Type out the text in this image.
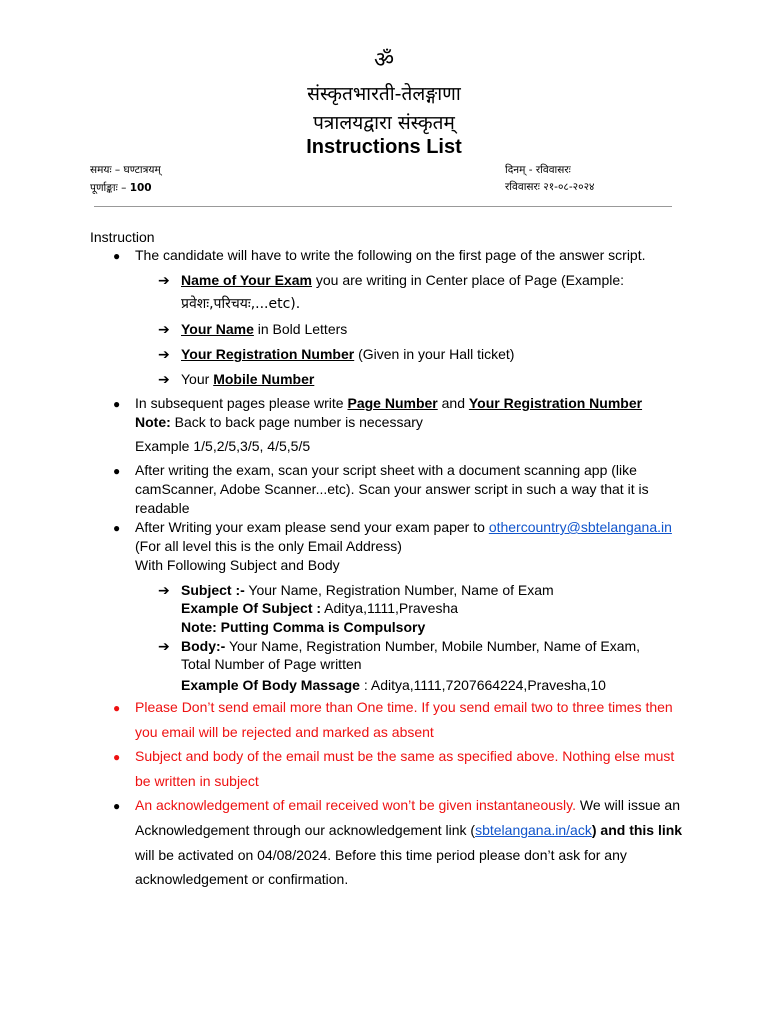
ॐ
संस्कृतभारती-तेलङ्गाणा
पत्रालयद्वारा संस्कृतम्
Instructions List
समयः – घण्टात्रयम्
पूर्णाङ्काः – 100
दिनम् - रविवासरः
रविवासरः २१-०८-२०२४
Instruction
● The candidate will have to write the following on the first page of the answer script.
➔ Name of Your Exam you are writing in Center place of Page (Example:
प्रवेशः,परिचयः,...etc).
➔ Your Name in Bold Letters
➔ Your Registration Number (Given in your Hall ticket)
➔ Your Mobile Number
● In subsequent pages please write Page Number and Your Registration Number
Note: Back to back page number is necessary
Example 1/5,2/5,3/5, 4/5,5/5
● After writing the exam, scan your script sheet with a document scanning app (like
camScanner, Adobe Scanner...etc). Scan your answer script in such a way that it is
readable
● After Writing your exam please send your exam paper to othercountry@sbtelangana.in
(For all level this is the only Email Address)
With Following Subject and Body
➔ Subject :- Your Name, Registration Number, Name of Exam
Example Of Subject : Aditya,1111,Pravesha
Note: Putting Comma is Compulsory
➔ Body:- Your Name, Registration Number, Mobile Number, Name of Exam,
Total Number of Page written
Example Of Body Massage : Aditya,1111,7207664224,Pravesha,10
● Please Don’t send email more than One time. If you send email two to three times then
you email will be rejected and marked as absent
● Subject and body of the email must be the same as specified above. Nothing else must
be written in subject
● An acknowledgement of email received won’t be given instantaneously. We will issue an
Acknowledgement through our acknowledgement link (sbtelangana.in/ack) and this link
will be activated on 04/08/2024. Before this time period please don’t ask for any
acknowledgement or confirmation.
